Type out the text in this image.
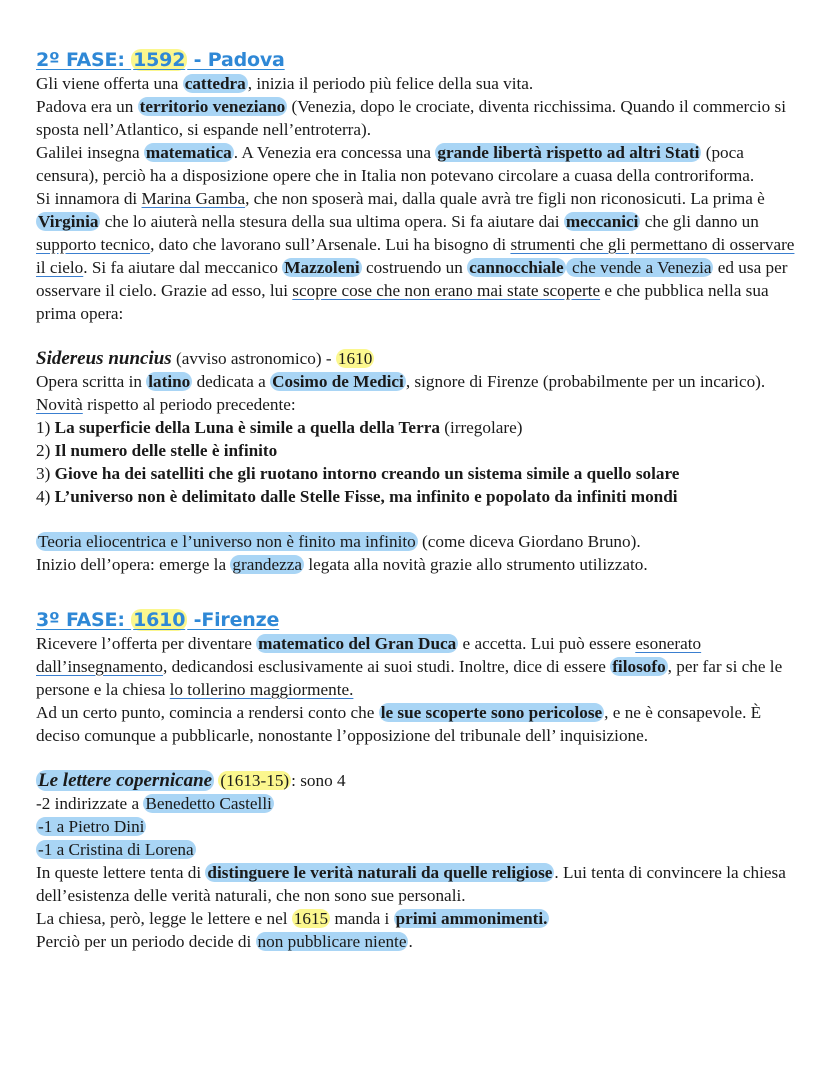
2º FASE: 1592 - Padova

Gli viene offerta una cattedra , inizia il periodo più felice della sua vita.

Padova era un territorio veneziano (Venezia, dopo le crociate, diventa ricchissima. Quando il commercio si sposta nell’Atlantico, si espande nell’entroterra).

Galilei insegna matematica . A Venezia era concessa una grande libertà rispetto ad altri Stati (poca censura), perciò ha a disposizione opere che in Italia non potevano circolare a cuasa della controriforma.

Si innamora di Marina Gamba, che non sposerà mai, dalla quale avrà tre figli non riconosicuti. La prima è Virginia che lo aiuterà nella stesura della sua ultima opera. Si fa aiutare dai meccanici che gli danno un supporto tecnico, dato che lavorano sull’Arsenale. Lui ha bisogno di strumenti che gli permettano di osservare il cielo. Si fa aiutare dal meccanico Mazzoleni costruendo un cannocchiale che vende a Venezia ed usa per osservare il cielo. Grazie ad esso, lui scopre cose che non erano mai state scoperte e che pubblica nella sua prima opera:

Sidereus nuncius (avviso astronomico) - 1610

Opera scritta in latino dedicata a Cosimo de Medici , signore di Firenze (probabilmente per un incarico). Novità rispetto al periodo precedente:

1) La superficie della Luna è simile a quella della Terra (irregolare)

2) Il numero delle stelle è infinito

3) Giove ha dei satelliti che gli ruotano intorno creando un sistema simile a quello solare

4) L’universo non è delimitato dalle Stelle Fisse, ma infinito e popolato da infiniti mondi

Teoria eliocentrica e l’universo non è finito ma infinito (come diceva Giordano Bruno).

Inizio dell’opera: emerge la grandezza legata alla novità grazie allo strumento utilizzato.

3º FASE: 1610 -Firenze

Ricevere l’offerta per diventare matematico del Gran Duca e accetta. Lui può essere esonerato dall’insegnamento, dedicandosi esclusivamente ai suoi studi. Inoltre, dice di essere filosofo , per far si che le persone e la chiesa lo tollerino maggiormente.

Ad un certo punto, comincia a rendersi conto che le sue scoperte sono pericolose , e ne è consapevole. È deciso comunque a pubblicarle, nonostante l’opposizione del tribunale dell’ inquisizione.

Le lettere copernicane (1613-15) : sono 4

-2 indirizzate a Benedetto Castelli

-1 a Pietro Dini

-1 a Cristina di Lorena

In queste lettere tenta di distinguere le verità naturali da quelle religiose . Lui tenta di convincere la chiesa dell’esistenza delle verità naturali, che non sono sue personali.

La chiesa, però, legge le lettere e nel 1615 manda i primi ammonimenti.

Perciò per un periodo decide di non pubblicare niente .
